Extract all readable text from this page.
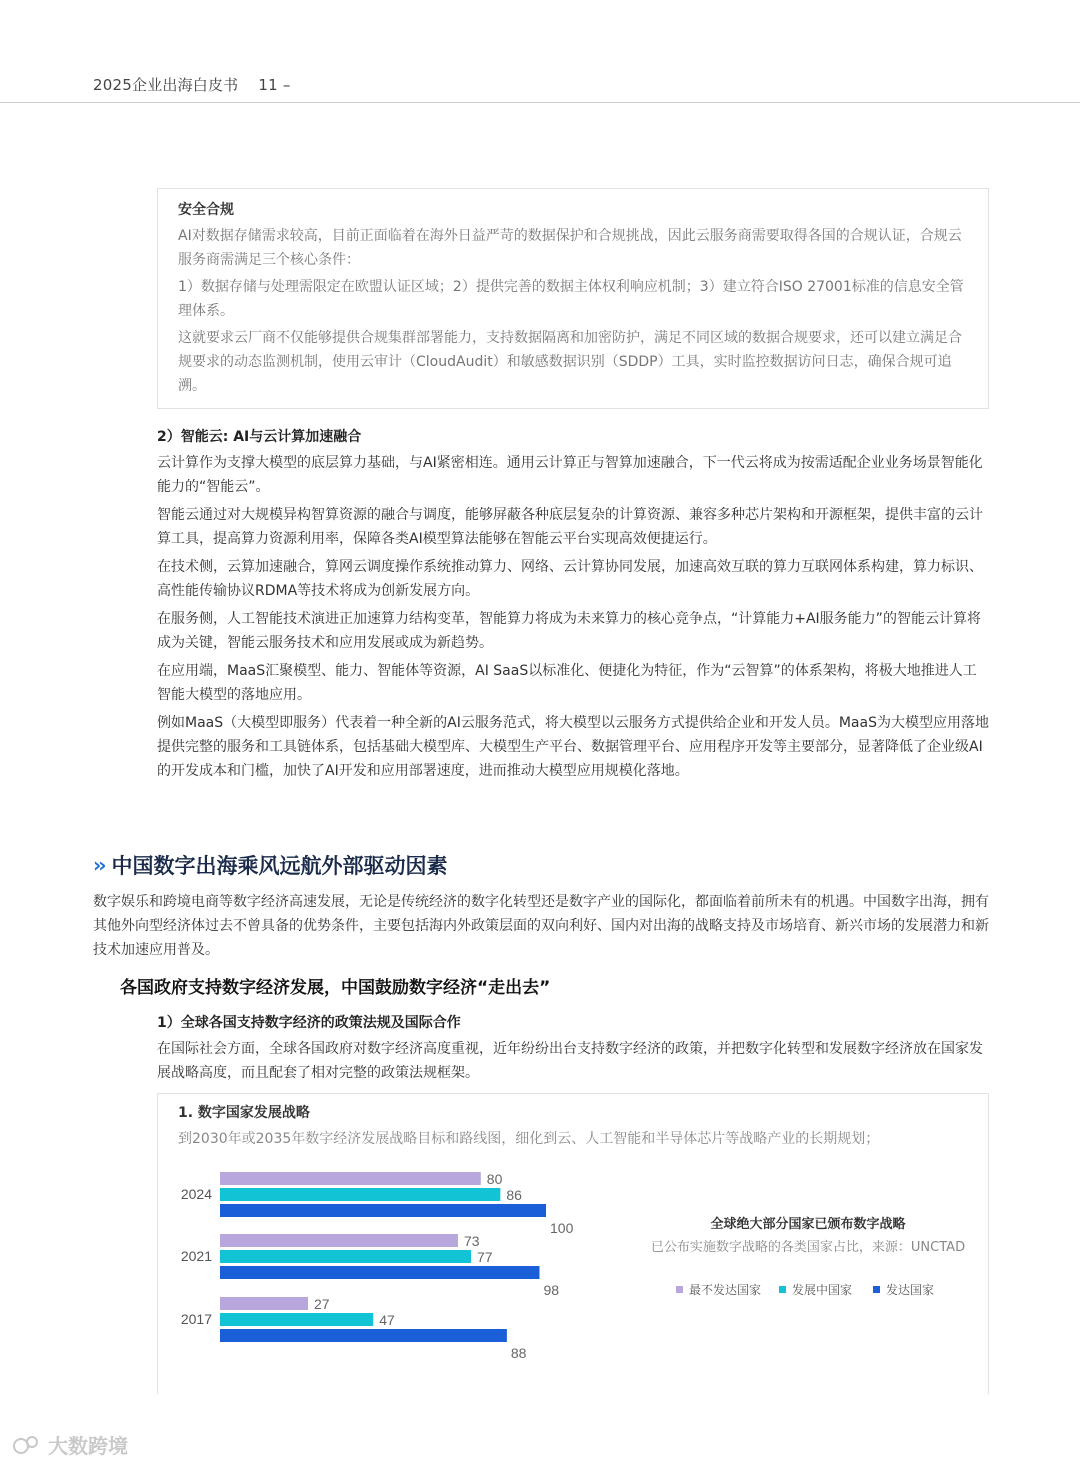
2025企业出海白皮书 11 –
安全合规
AI对数据存储需求较高，目前正面临着在海外日益严苛的数据保护和合规挑战，因此云服务商需要取得各国的合规认证，合规云服务商需满足三个核心条件：
1）数据存储与处理需限定在欧盟认证区域；2）提供完善的数据主体权利响应机制；3）建立符合ISO 27001标准的信息安全管理体系。
这就要求云厂商不仅能够提供合规集群部署能力，支持数据隔离和加密防护，满足不同区域的数据合规要求，还可以建立满足合规要求的动态监测机制，使用云审计（CloudAudit）和敏感数据识别（SDDP）工具，实时监控数据访问日志，确保合规可追溯。
2）智能云: AI与云计算加速融合
云计算作为支撑大模型的底层算力基础，与AI紧密相连。通用云计算正与智算加速融合，下一代云将成为按需适配企业业务场景智能化能力的“智能云”。
智能云通过对大规模异构智算资源的融合与调度，能够屏蔽各种底层复杂的计算资源、兼容多种芯片架构和开源框架，提供丰富的云计算工具，提高算力资源利用率，保障各类AI模型算法能够在智能云平台实现高效便捷运行。
在技术侧，云算加速融合，算网云调度操作系统推动算力、网络、云计算协同发展，加速高效互联的算力互联网体系构建，算力标识、高性能传输协议RDMA等技术将成为创新发展方向。
在服务侧，人工智能技术演进正加速算力结构变革，智能算力将成为未来算力的核心竞争点，“计算能力+AI服务能力”的智能云计算将成为关键，智能云服务技术和应用发展或成为新趋势。
在应用端，MaaS汇聚模型、能力、智能体等资源，AI SaaS以标准化、便捷化为特征，作为“云智算”的体系架构，将极大地推进人工智能大模型的落地应用。
例如MaaS（大模型即服务）代表着一种全新的AI云服务范式，将大模型以云服务方式提供给企业和开发人员。MaaS为大模型应用落地提供完整的服务和工具链体系，包括基础大模型库、大模型生产平台、数据管理平台、应用程序开发等主要部分，显著降低了企业级AI的开发成本和门槛，加快了AI开发和应用部署速度，进而推动大模型应用规模化落地。
›› 中国数字出海乘风远航外部驱动因素
数字娱乐和跨境电商等数字经济高速发展，无论是传统经济的数字化转型还是数字产业的国际化，都面临着前所未有的机遇。中国数字出海，拥有其他外向型经济体过去不曾具备的优势条件，主要包括海内外政策层面的双向利好、国内对出海的战略支持及市场培育、新兴市场的发展潜力和新技术加速应用普及。
各国政府支持数字经济发展，中国鼓励数字经济“走出去”
1）全球各国支持数字经济的政策法规及国际合作
在国际社会方面，全球各国政府对数字经济高度重视，近年纷纷出台支持数字经济的政策，并把数字化转型和发展数字经济放在国家发展战略高度，而且配套了相对完整的政策法规框架。
1. 数字国家发展战略
到2030年或2035年数字经济发展战略目标和路线图，细化到云、人工智能和半导体芯片等战略产业的长期规划；
2024
80
86
100
2021
73
77
98
2017
27
47
88
全球绝大部分国家已颁布数字战略
已公布实施数字战略的各类国家占比，来源：UNCTAD
最不发达国家	发展中国家	发达国家
大数跨境
